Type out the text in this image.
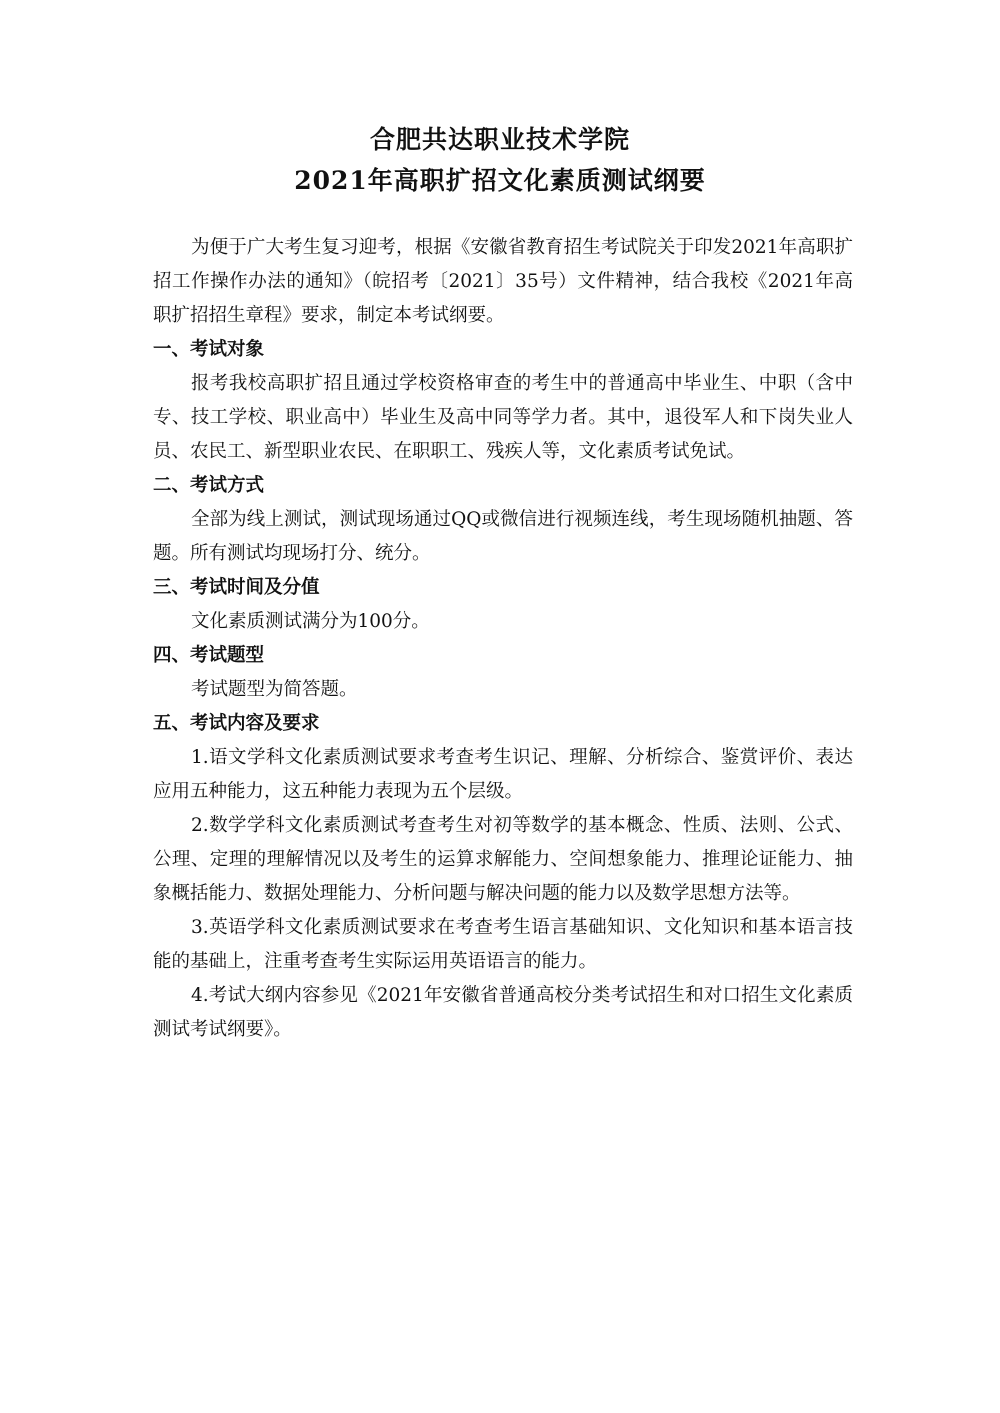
合肥共达职业技术学院
2021年高职扩招文化素质测试纲要

为便于广大考生复习迎考，根据《安徽省教育招生考试院关于印发2021年高职扩招工作操作办法的通知》（皖招考〔2021〕35号）文件精神，结合我校《2021年高职扩招招生章程》要求，制定本考试纲要。

一、考试对象

报考我校高职扩招且通过学校资格审查的考生中的普通高中毕业生、中职（含中专、技工学校、职业高中）毕业生及高中同等学力者。其中，退役军人和下岗失业人员、农民工、新型职业农民、在职职工、残疾人等，文化素质考试免试。

二、考试方式

全部为线上测试，测试现场通过QQ或微信进行视频连线，考生现场随机抽题、答题。所有测试均现场打分、统分。

三、考试时间及分值

文化素质测试满分为100分。

四、考试题型

考试题型为简答题。

五、考试内容及要求

1.语文学科文化素质测试要求考查考生识记、理解、分析综合、鉴赏评价、表达应用五种能力，这五种能力表现为五个层级。

2.数学学科文化素质测试考查考生对初等数学的基本概念、性质、法则、公式、公理、定理的理解情况以及考生的运算求解能力、空间想象能力、推理论证能力、抽象概括能力、数据处理能力、分析问题与解决问题的能力以及数学思想方法等。

3.英语学科文化素质测试要求在考查考生语言基础知识、文化知识和基本语言技能的基础上，注重考查考生实际运用英语语言的能力。

4.考试大纲内容参见《2021年安徽省普通高校分类考试招生和对口招生文化素质测试考试纲要》。
